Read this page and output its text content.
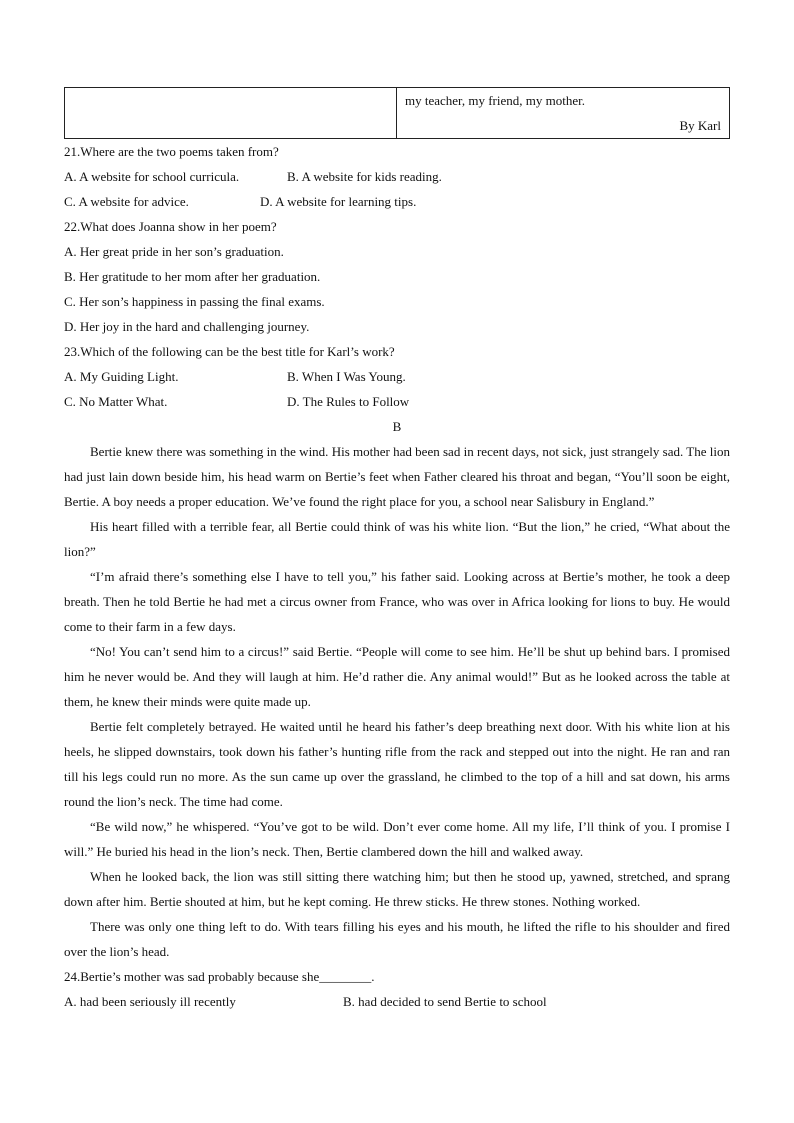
my teacher, my friend, my mother.

By Karl

21.Where are the two poems taken from?

A. A website for school curricula.	B. A website for kids reading.
C. A website for advice.	D. A website for learning tips.

22.What does Joanna show in her poem?

A. Her great pride in her son’s graduation.

B. Her gratitude to her mom after her graduation.

C. Her son’s happiness in passing the final exams.

D. Her joy in the hard and challenging journey.

23.Which of the following can be the best title for Karl’s work?

A. My Guiding Light.	B. When I Was Young.
C. No Matter What.	D. The Rules to Follow

B

Bertie knew there was something in the wind. His mother had been sad in recent days, not sick, just strangely sad. The lion had just lain down beside him, his head warm on Bertie’s feet when Father cleared his throat and began, “You’ll soon be eight, Bertie. A boy needs a proper education. We’ve found the right place for you, a school near Salisbury in England.”

His heart filled with a terrible fear, all Bertie could think of was his white lion. “But the lion,” he cried, “What about the lion?”

“I’m afraid there’s something else I have to tell you,” his father said. Looking across at Bertie’s mother, he took a deep breath. Then he told Bertie he had met a circus owner from France, who was over in Africa looking for lions to buy. He would come to their farm in a few days.

“No! You can’t send him to a circus!” said Bertie. “People will come to see him. He’ll be shut up behind bars. I promised him he never would be. And they will laugh at him. He’d rather die. Any animal would!” But as he looked across the table at them, he knew their minds were quite made up.

Bertie felt completely betrayed. He waited until he heard his father’s deep breathing next door. With his white lion at his heels, he slipped downstairs, took down his father’s hunting rifle from the rack and stepped out into the night. He ran and ran till his legs could run no more. As the sun came up over the grassland, he climbed to the top of a hill and sat down, his arms round the lion’s neck. The time had come.

“Be wild now,” he whispered. “You’ve got to be wild. Don’t ever come home. All my life, I’ll think of you. I promise I will.” He buried his head in the lion’s neck. Then, Bertie clambered down the hill and walked away.

When he looked back, the lion was still sitting there watching him; but then he stood up, yawned, stretched, and sprang down after him. Bertie shouted at him, but he kept coming. He threw sticks. He threw stones. Nothing worked.

There was only one thing left to do. With tears filling his eyes and his mouth, he lifted the rifle to his shoulder and fired over the lion’s head.

24.Bertie’s mother was sad probably because she________.

A. had been seriously ill recently	B. had decided to send Bertie to school
